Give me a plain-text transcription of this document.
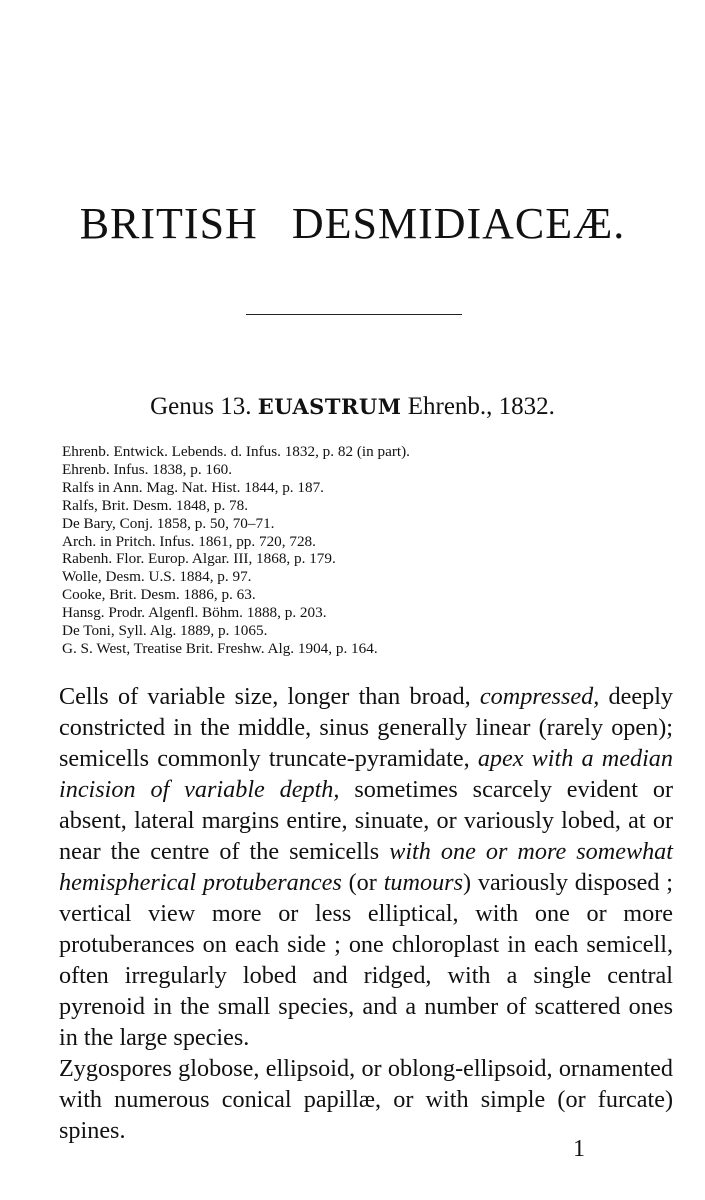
BRITISH DESMIDIACEÆ.
Genus 13. EUASTRUM Ehrenb., 1832.
Ehrenb. Entwick. Lebends. d. Infus. 1832, p. 82 (in part).
Ehrenb. Infus. 1838, p. 160.
Ralfs in Ann. Mag. Nat. Hist. 1844, p. 187.
Ralfs, Brit. Desm. 1848, p. 78.
De Bary, Conj. 1858, p. 50, 70–71.
Arch. in Pritch. Infus. 1861, pp. 720, 728.
Rabenh. Flor. Europ. Algar. III, 1868, p. 179.
Wolle, Desm. U.S. 1884, p. 97.
Cooke, Brit. Desm. 1886, p. 63.
Hansg. Prodr. Algenfl. Böhm. 1888, p. 203.
De Toni, Syll. Alg. 1889, p. 1065.
G. S. West, Treatise Brit. Freshw. Alg. 1904, p. 164.

Cells of variable size, longer than broad, compressed, deeply constricted in the middle, sinus generally linear (rarely open); semicells commonly truncate-pyramidate, apex with a median incision of variable depth, sometimes scarcely evident or absent, lateral margins entire, sinuate, or variously lobed, at or near the centre of the semicells with one or more somewhat hemispherical protuberances (or tumours) variously disposed ; vertical view more or less elliptical, with one or more protuberances on each side ; one chloroplast in each semicell, often irregularly lobed and ridged, with a single central pyrenoid in the small species, and a number of scattered ones in the large species.

Zygospores globose, ellipsoid, or oblong-ellipsoid, ornamented with numerous conical papillæ, or with simple (or furcate) spines.

1
